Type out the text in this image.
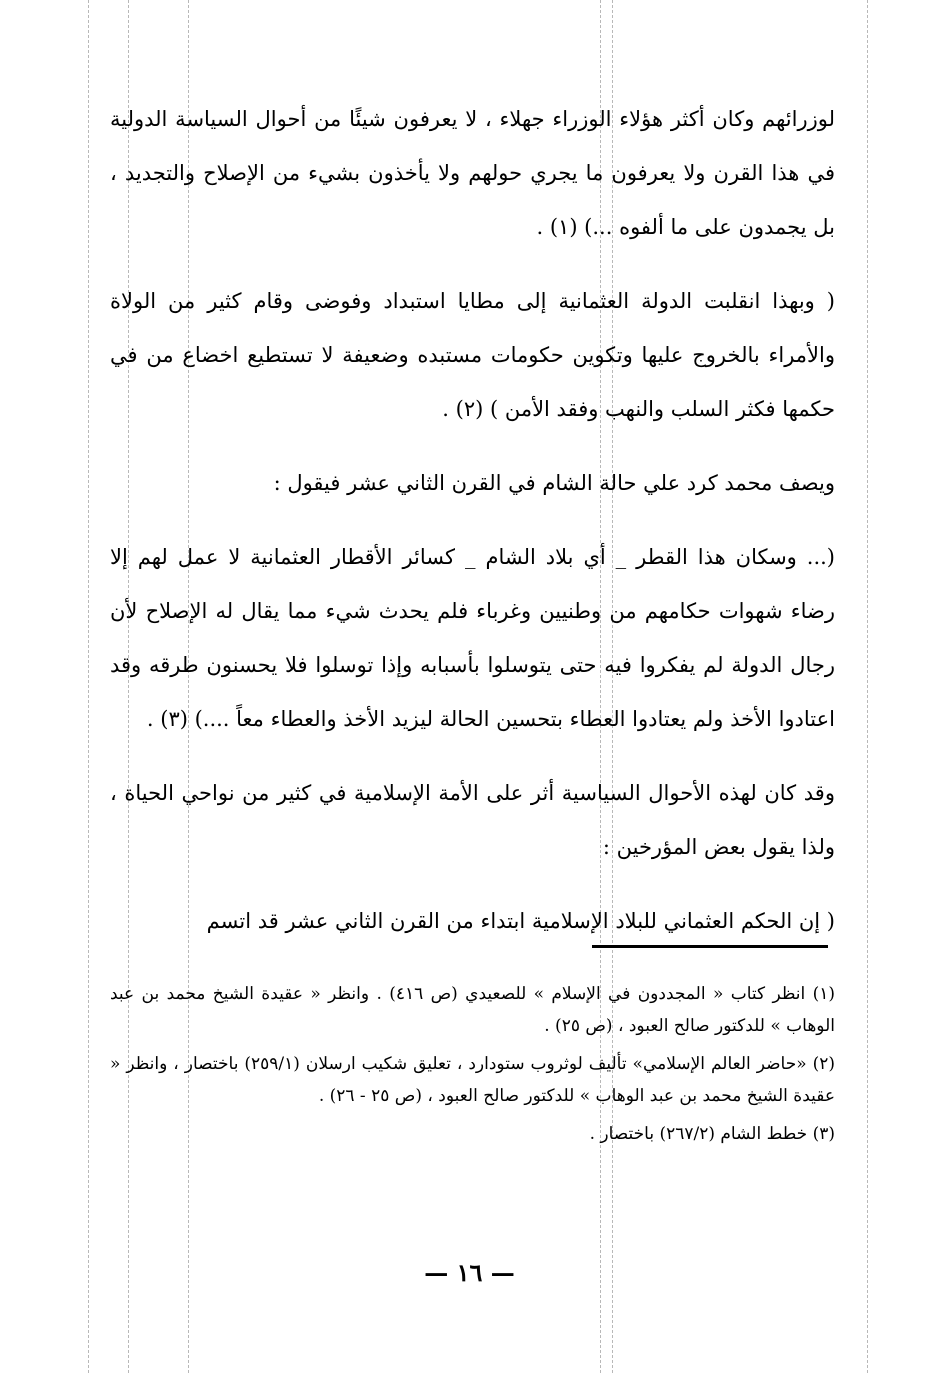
لوزرائهم وكان أكثر هؤلاء الوزراء جهلاء ، لا يعرفون شيئًا من أحوال السياسة الدولية في هذا القرن ولا يعرفون ما يجري حولهم ولا يأخذون بشيء من الإصلاح والتجديد ، بل يجمدون على ما ألفوه ...) (١) .

( وبهذا انقلبت الدولة العثمانية إلى مطايا استبداد وفوضى وقام كثير من الولاة والأمراء بالخروج عليها وتكوين حكومات مستبده وضعيفة لا تستطيع اخضاع من في حكمها فكثر السلب والنهب وفقد الأمن ) (٢) .

ويصف محمد كرد علي حالة الشام في القرن الثاني عشر فيقول :

(... وسكان هذا القطر _ أي بلاد الشام _ كسائر الأقطار العثمانية لا عمل لهم إلا رضاء شهوات حكامهم من وطنيين وغرباء فلم يحدث شيء مما يقال له الإصلاح لأن رجال الدولة لم يفكروا فيه حتى يتوسلوا بأسبابه وإذا توسلوا فلا يحسنون طرقه وقد اعتادوا الأخذ ولم يعتادوا العطاء بتحسين الحالة ليزيد الأخذ والعطاء معاً ....) (٣) .

وقد كان لهذه الأحوال السياسية أثر على الأمة الإسلامية في كثير من نواحي الحياة ، ولذا يقول بعض المؤرخين :

( إن الحكم العثماني للبلاد الإسلامية ابتداء من القرن الثاني عشر قد اتسم

(١) انظر كتاب « المجددون في الإسلام » للصعيدي (ص ٤١٦) . وانظر « عقيدة الشيخ محمد بن عبد الوهاب » للدكتور صالح العبود ، (ص ٢٥) .

(٢) «حاضر العالم الإسلامي» تأليف لوثروب ستودارد ، تعليق شكيب ارسلان (٢٥٩/١) باختصار ، وانظر « عقيدة الشيخ محمد بن عبد الوهاب » للدكتور صالح العبود ، (ص ٢٥ - ٢٦) .

(٣) خطط الشام (٢٦٧/٢) باختصار .

— ١٦ —
